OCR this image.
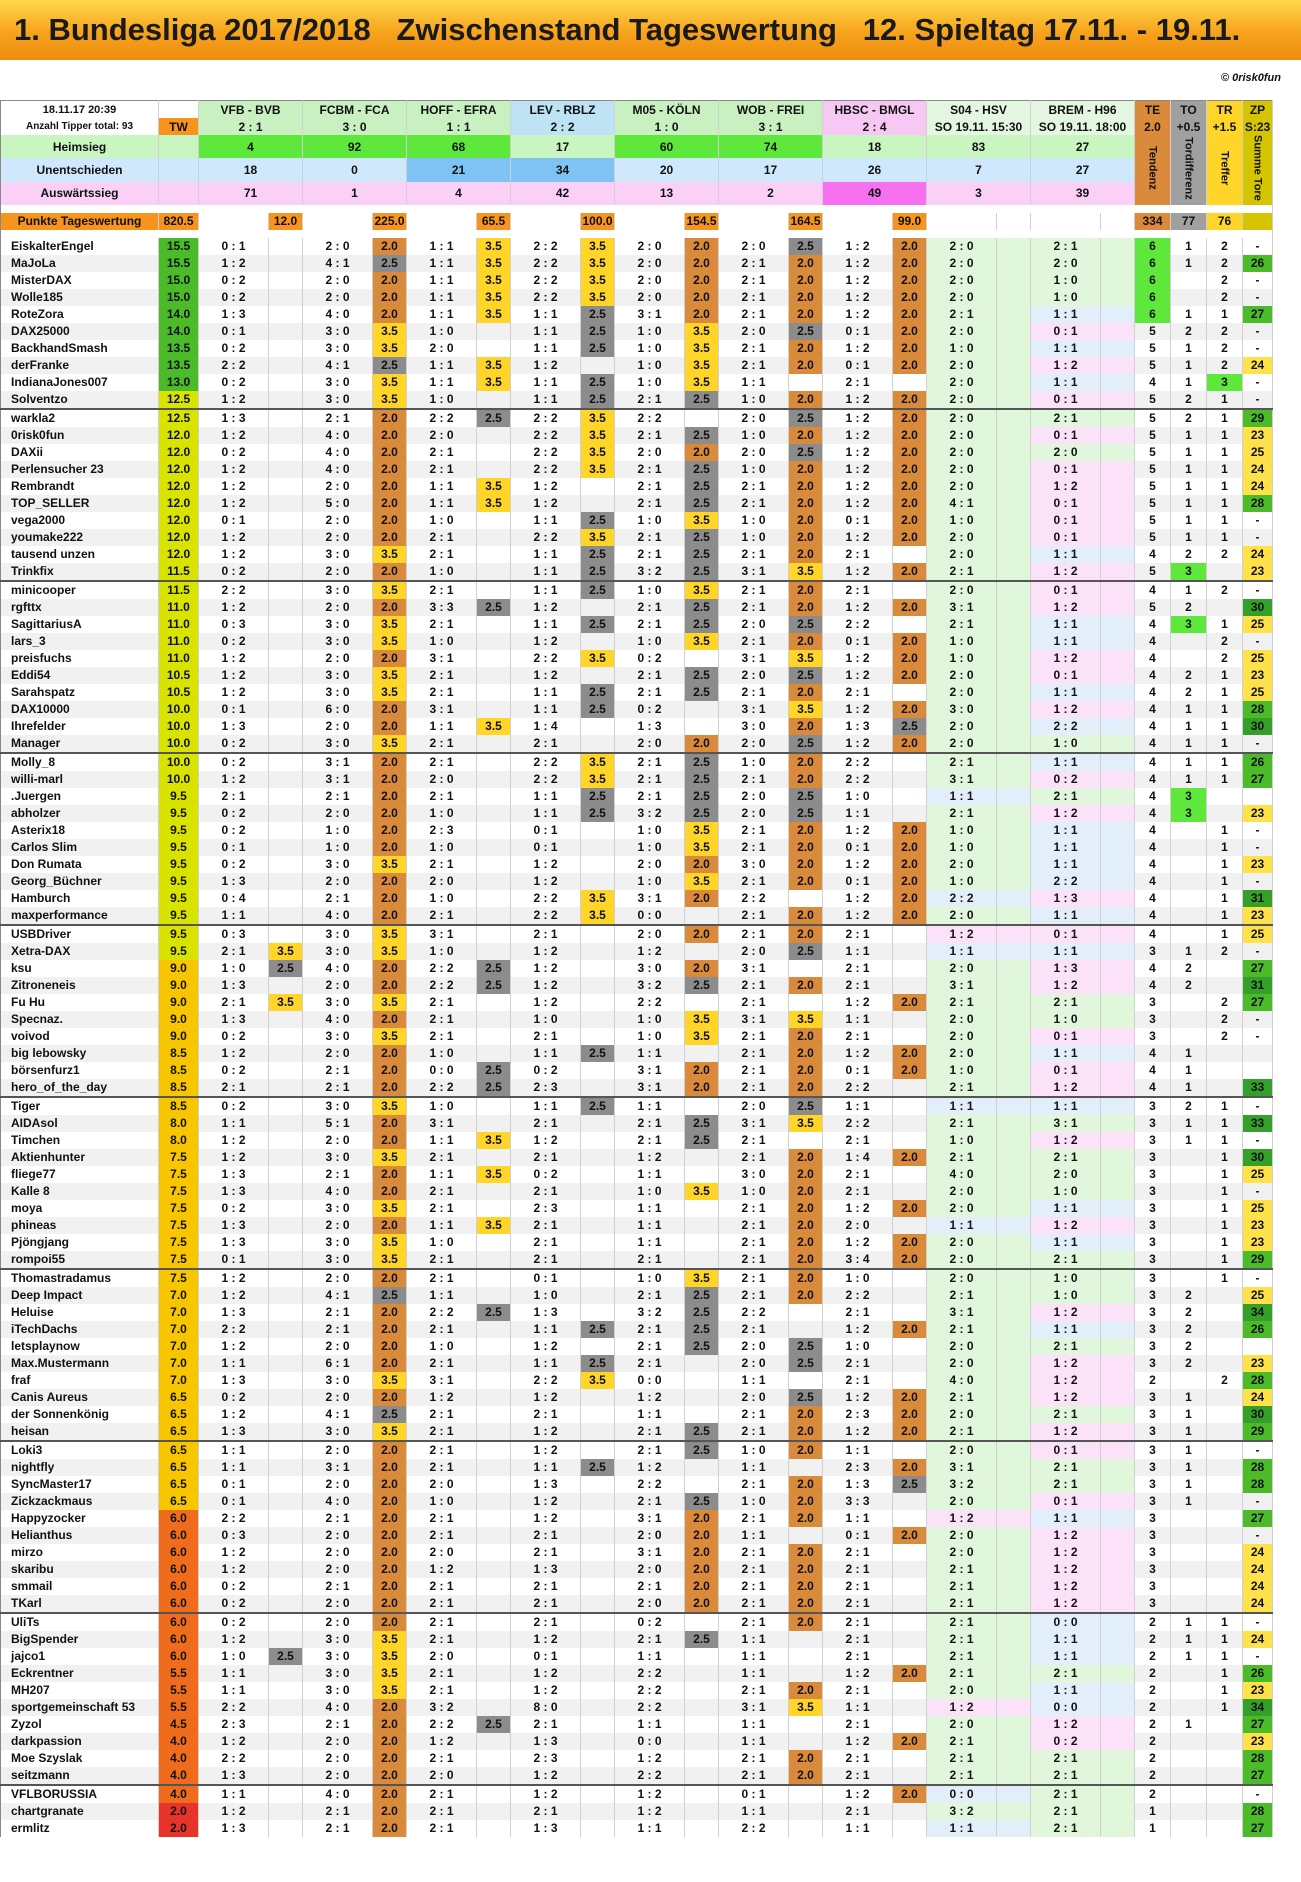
1. Bundesliga 2017/2018
Zwischenstand Tageswertung
12. Spieltag 17.11. - 19.11.
© 0risk0fun
18.11.17 20:39		VFB - BVB		FCBM - FCA		HOFF - EFRA		LEV - RBLZ		M05 - KÖLN		WOB - FREI		HBSC - BMGL		S04 - HSV		BREM - H96		TE	TO	TR	ZP
Anzahl Tipper total: 93	TW	2 : 1		3 : 0		1 : 1		2 : 2		1 : 0		3 : 1		2 : 4		SO 19.11. 15:30		SO 19.11. 18:00		2.0	+0.5	+1.5	S:23
Heimsieg		4		92		68		17		60		74		18		83		27		Tendenz	Tordifferenz	Treffer	Summe Tore
Unentschieden		18		0		21		34		20		17		26		7		27					
Auswärtssieg		71		1		4		42		13		2		49		3		39					

Punkte Tageswertung	820.5		12.0		225.0		65.5		100.0		154.5		164.5		99.0					334	77	76	

EiskalterEngel	15.5	0 : 1		2 : 0	2.0	1 : 1	3.5	2 : 2	3.5	2 : 0	2.0	2 : 0	2.5	1 : 2	2.0	2 : 0		2 : 1		6	1	2	-
MaJoLa	15.5	1 : 2		4 : 1	2.5	1 : 1	3.5	2 : 2	3.5	2 : 0	2.0	2 : 1	2.0	1 : 2	2.0	2 : 0		2 : 0		6	1	2	26
MisterDAX	15.0	0 : 2		2 : 0	2.0	1 : 1	3.5	2 : 2	3.5	2 : 0	2.0	2 : 1	2.0	1 : 2	2.0	2 : 0		1 : 0		6		2	-
Wolle185	15.0	0 : 2		2 : 0	2.0	1 : 1	3.5	2 : 2	3.5	2 : 0	2.0	2 : 1	2.0	1 : 2	2.0	2 : 0		1 : 0		6		2	-
RoteZora	14.0	1 : 3		4 : 0	2.0	1 : 1	3.5	1 : 1	2.5	3 : 1	2.0	2 : 1	2.0	1 : 2	2.0	2 : 1		1 : 1		6	1	1	27
DAX25000	14.0	0 : 1		3 : 0	3.5	1 : 0		1 : 1	2.5	1 : 0	3.5	2 : 0	2.5	0 : 1	2.0	2 : 0		0 : 1		5	2	2	-
BackhandSmash	13.5	0 : 2		3 : 0	3.5	2 : 0		1 : 1	2.5	1 : 0	3.5	2 : 1	2.0	1 : 2	2.0	1 : 0		1 : 1		5	1	2	-
derFranke	13.5	2 : 2		4 : 1	2.5	1 : 1	3.5	1 : 2		1 : 0	3.5	2 : 1	2.0	0 : 1	2.0	2 : 0		1 : 2		5	1	2	24
IndianaJones007	13.0	0 : 2		3 : 0	3.5	1 : 1	3.5	1 : 1	2.5	1 : 0	3.5	1 : 1		2 : 1		2 : 0		1 : 1		4	1	3	-
Solventzo	12.5	1 : 2		3 : 0	3.5	1 : 0		1 : 1	2.5	2 : 1	2.5	1 : 0	2.0	1 : 2	2.0	2 : 0		0 : 1		5	2	1	-
warkla2	12.5	1 : 3		2 : 1	2.0	2 : 2	2.5	2 : 2	3.5	2 : 2		2 : 0	2.5	1 : 2	2.0	2 : 0		2 : 1		5	2	1	29
0risk0fun	12.0	1 : 2		4 : 0	2.0	2 : 0		2 : 2	3.5	2 : 1	2.5	1 : 0	2.0	1 : 2	2.0	2 : 0		0 : 1		5	1	1	23
DAXii	12.0	0 : 2		4 : 0	2.0	2 : 1		2 : 2	3.5	2 : 0	2.0	2 : 0	2.5	1 : 2	2.0	2 : 0		2 : 0		5	1	1	25
Perlensucher 23	12.0	1 : 2		4 : 0	2.0	2 : 1		2 : 2	3.5	2 : 1	2.5	1 : 0	2.0	1 : 2	2.0	2 : 0		0 : 1		5	1	1	24
Rembrandt	12.0	1 : 2		2 : 0	2.0	1 : 1	3.5	1 : 2		2 : 1	2.5	2 : 1	2.0	1 : 2	2.0	2 : 0		1 : 2		5	1	1	24
TOP_SELLER	12.0	1 : 2		5 : 0	2.0	1 : 1	3.5	1 : 2		2 : 1	2.5	2 : 1	2.0	1 : 2	2.0	4 : 1		0 : 1		5	1	1	28
vega2000	12.0	0 : 1		2 : 0	2.0	1 : 0		1 : 1	2.5	1 : 0	3.5	1 : 0	2.0	0 : 1	2.0	1 : 0		0 : 1		5	1	1	-
youmake222	12.0	1 : 2		2 : 0	2.0	2 : 1		2 : 2	3.5	2 : 1	2.5	1 : 0	2.0	1 : 2	2.0	2 : 0		0 : 1		5	1	1	-
tausend unzen	12.0	1 : 2		3 : 0	3.5	2 : 1		1 : 1	2.5	2 : 1	2.5	2 : 1	2.0	2 : 1		2 : 0		1 : 1		4	2	2	24
Trinkfix	11.5	0 : 2		2 : 0	2.0	1 : 0		1 : 1	2.5	3 : 2	2.5	3 : 1	3.5	1 : 2	2.0	2 : 1		1 : 2		5	3		23
minicooper	11.5	2 : 2		3 : 0	3.5	2 : 1		1 : 1	2.5	1 : 0	3.5	2 : 1	2.0	2 : 1		2 : 0		0 : 1		4	1	2	-
rgfttx	11.0	1 : 2		2 : 0	2.0	3 : 3	2.5	1 : 2		2 : 1	2.5	2 : 1	2.0	1 : 2	2.0	3 : 1		1 : 2		5	2		30
SagittariusA	11.0	0 : 3		3 : 0	3.5	2 : 1		1 : 1	2.5	2 : 1	2.5	2 : 0	2.5	2 : 2		2 : 1		1 : 1		4	3	1	25
lars_3	11.0	0 : 2		3 : 0	3.5	1 : 0		1 : 2		1 : 0	3.5	2 : 1	2.0	0 : 1	2.0	1 : 0		1 : 1		4		2	-
preisfuchs	11.0	1 : 2		2 : 0	2.0	3 : 1		2 : 2	3.5	0 : 2		3 : 1	3.5	1 : 2	2.0	1 : 0		1 : 2		4		2	25
Eddi54	10.5	1 : 2		3 : 0	3.5	2 : 1		1 : 2		2 : 1	2.5	2 : 0	2.5	1 : 2	2.0	2 : 0		0 : 1		4	2	1	23
Sarahspatz	10.5	1 : 2		3 : 0	3.5	2 : 1		1 : 1	2.5	2 : 1	2.5	2 : 1	2.0	2 : 1		2 : 0		1 : 1		4	2	1	25
DAX10000	10.0	0 : 1		6 : 0	2.0	3 : 1		1 : 1	2.5	0 : 2		3 : 1	3.5	1 : 2	2.0	3 : 0		1 : 2		4	1	1	28
Ihrefelder	10.0	1 : 3		2 : 0	2.0	1 : 1	3.5	1 : 4		1 : 3		3 : 0	2.0	1 : 3	2.5	2 : 0		2 : 2		4	1	1	30
Manager	10.0	0 : 2		3 : 0	3.5	2 : 1		2 : 1		2 : 0	2.0	2 : 0	2.5	1 : 2	2.0	2 : 0		1 : 0		4	1	1	-
Molly_8	10.0	0 : 2		3 : 1	2.0	2 : 1		2 : 2	3.5	2 : 1	2.5	1 : 0	2.0	2 : 2		2 : 1		1 : 1		4	1	1	26
willi-marl	10.0	1 : 2		3 : 1	2.0	2 : 0		2 : 2	3.5	2 : 1	2.5	2 : 1	2.0	2 : 2		3 : 1		0 : 2		4	1	1	27
.Juergen	9.5	2 : 1		2 : 1	2.0	2 : 1		1 : 1	2.5	2 : 1	2.5	2 : 0	2.5	1 : 0		1 : 1		2 : 1		4	3		
abholzer	9.5	0 : 2		2 : 0	2.0	1 : 0		1 : 1	2.5	3 : 2	2.5	2 : 0	2.5	1 : 1		2 : 1		1 : 2		4	3		23
Asterix18	9.5	0 : 2		1 : 0	2.0	2 : 3		0 : 1		1 : 0	3.5	2 : 1	2.0	1 : 2	2.0	1 : 0		1 : 1		4		1	-
Carlos Slim	9.5	0 : 1		1 : 0	2.0	1 : 0		0 : 1		1 : 0	3.5	2 : 1	2.0	0 : 1	2.0	1 : 0		1 : 1		4		1	-
Don Rumata	9.5	0 : 2		3 : 0	3.5	2 : 1		1 : 2		2 : 0	2.0	3 : 0	2.0	1 : 2	2.0	2 : 0		1 : 1		4		1	23
Georg_Büchner	9.5	1 : 3		2 : 0	2.0	2 : 0		1 : 2		1 : 0	3.5	2 : 1	2.0	0 : 1	2.0	1 : 0		2 : 2		4		1	-
Hamburch	9.5	0 : 4		2 : 1	2.0	1 : 0		2 : 2	3.5	3 : 1	2.0	2 : 2		1 : 2	2.0	2 : 2		1 : 3		4		1	31
maxperformance	9.5	1 : 1		4 : 0	2.0	2 : 1		2 : 2	3.5	0 : 0		2 : 1	2.0	1 : 2	2.0	2 : 0		1 : 1		4		1	23
USBDriver	9.5	0 : 3		3 : 0	3.5	3 : 1		2 : 1		2 : 0	2.0	2 : 1	2.0	2 : 1		1 : 2		0 : 1		4		1	25
Xetra-DAX	9.5	2 : 1	3.5	3 : 0	3.5	1 : 0		1 : 2		1 : 2		2 : 0	2.5	1 : 1		1 : 1		1 : 1		3	1	2	-
ksu	9.0	1 : 0	2.5	4 : 0	2.0	2 : 2	2.5	1 : 2		3 : 0	2.0	3 : 1		2 : 1		2 : 0		1 : 3		4	2		27
Zitroneneis	9.0	1 : 3		2 : 0	2.0	2 : 2	2.5	1 : 2		3 : 2	2.5	2 : 1	2.0	2 : 1		3 : 1		1 : 2		4	2		31
Fu Hu	9.0	2 : 1	3.5	3 : 0	3.5	2 : 1		1 : 2		2 : 2		2 : 1		1 : 2	2.0	2 : 1		2 : 1		3		2	27
Specnaz.	9.0	1 : 3		4 : 0	2.0	2 : 1		1 : 0		1 : 0	3.5	3 : 1	3.5	1 : 1		2 : 0		1 : 0		3		2	-
voivod	9.0	0 : 2		3 : 0	3.5	2 : 1		2 : 1		1 : 0	3.5	2 : 1	2.0	2 : 1		2 : 0		0 : 1		3		2	-
big lebowsky	8.5	1 : 2		2 : 0	2.0	1 : 0		1 : 1	2.5	1 : 1		2 : 1	2.0	1 : 2	2.0	2 : 0		1 : 1		4	1		
börsenfurz1	8.5	0 : 2		2 : 1	2.0	0 : 0	2.5	0 : 2		3 : 1	2.0	2 : 1	2.0	0 : 1	2.0	1 : 0		0 : 1		4	1		
hero_of_the_day	8.5	2 : 1		2 : 1	2.0	2 : 2	2.5	2 : 3		3 : 1	2.0	2 : 1	2.0	2 : 2		2 : 1		1 : 2		4	1		33
Tiger	8.5	0 : 2		3 : 0	3.5	1 : 0		1 : 1	2.5	1 : 1		2 : 0	2.5	1 : 1		1 : 1		1 : 1		3	2	1	-
AIDAsol	8.0	1 : 1		5 : 1	2.0	3 : 1		2 : 1		2 : 1	2.5	3 : 1	3.5	2 : 2		2 : 1		3 : 1		3	1	1	33
Timchen	8.0	1 : 2		2 : 0	2.0	1 : 1	3.5	1 : 2		2 : 1	2.5	2 : 1		2 : 1		1 : 0		1 : 2		3	1	1	-
Aktienhunter	7.5	1 : 2		3 : 0	3.5	2 : 1		2 : 1		1 : 2		2 : 1	2.0	1 : 4	2.0	2 : 1		2 : 1		3		1	30
fliege77	7.5	1 : 3		2 : 1	2.0	1 : 1	3.5	0 : 2		1 : 1		3 : 0	2.0	2 : 1		4 : 0		2 : 0		3		1	25
Kalle 8	7.5	1 : 3		4 : 0	2.0	2 : 1		2 : 1		1 : 0	3.5	1 : 0	2.0	2 : 1		2 : 0		1 : 0		3		1	-
moya	7.5	0 : 2		3 : 0	3.5	2 : 1		2 : 3		1 : 1		2 : 1	2.0	1 : 2	2.0	2 : 0		1 : 1		3		1	25
phineas	7.5	1 : 3		2 : 0	2.0	1 : 1	3.5	2 : 1		1 : 1		2 : 1	2.0	2 : 0		1 : 1		1 : 2		3		1	23
Pjöngjang	7.5	1 : 3		3 : 0	3.5	1 : 0		2 : 1		1 : 1		2 : 1	2.0	1 : 2	2.0	2 : 0		1 : 1		3		1	23
rompoi55	7.5	0 : 1		3 : 0	3.5	2 : 1		2 : 1		2 : 1		2 : 1	2.0	3 : 4	2.0	2 : 0		2 : 1		3		1	29
Thomastradamus	7.5	1 : 2		2 : 0	2.0	2 : 1		0 : 1		1 : 0	3.5	2 : 1	2.0	1 : 0		2 : 0		1 : 0		3		1	-
Deep Impact	7.0	1 : 2		4 : 1	2.5	1 : 1		1 : 0		2 : 1	2.5	2 : 1	2.0	2 : 2		2 : 1		1 : 0		3	2		25
Heluise	7.0	1 : 3		2 : 1	2.0	2 : 2	2.5	1 : 3		3 : 2	2.5	2 : 2		2 : 1		3 : 1		1 : 2		3	2		34
iTechDachs	7.0	2 : 2		2 : 1	2.0	2 : 1		1 : 1	2.5	2 : 1	2.5	2 : 1		1 : 2	2.0	2 : 1		1 : 1		3	2		26
letsplaynow	7.0	1 : 2		2 : 0	2.0	1 : 0		1 : 2		2 : 1	2.5	2 : 0	2.5	1 : 0		2 : 0		2 : 1		3	2		
Max.Mustermann	7.0	1 : 1		6 : 1	2.0	2 : 1		1 : 1	2.5	2 : 1		2 : 0	2.5	2 : 1		2 : 0		1 : 2		3	2		23
fraf	7.0	1 : 3		3 : 0	3.5	3 : 1		2 : 2	3.5	0 : 0		1 : 1		2 : 1		4 : 0		1 : 2		2		2	28
Canis Aureus	6.5	0 : 2		2 : 0	2.0	1 : 2		1 : 2		1 : 2		2 : 0	2.5	1 : 2	2.0	2 : 1		1 : 2		3	1		24
der Sonnenkönig	6.5	1 : 2		4 : 1	2.5	2 : 1		2 : 1		1 : 1		2 : 1	2.0	2 : 3	2.0	2 : 0		2 : 1		3	1		30
heisan	6.5	1 : 3		3 : 0	3.5	2 : 1		1 : 2		2 : 1	2.5	2 : 1	2.0	1 : 2	2.0	2 : 1		1 : 2		3	1		29
Loki3	6.5	1 : 1		2 : 0	2.0	2 : 1		1 : 2		2 : 1	2.5	1 : 0	2.0	1 : 1		2 : 0		0 : 1		3	1		-
nightfly	6.5	1 : 1		3 : 1	2.0	2 : 1		1 : 1	2.5	1 : 2		1 : 1		2 : 3	2.0	3 : 1		2 : 1		3	1		28
SyncMaster17	6.5	0 : 1		2 : 0	2.0	2 : 0		1 : 3		2 : 2		2 : 1	2.0	1 : 3	2.5	3 : 2		2 : 1		3	1		28
Zickzackmaus	6.5	0 : 1		4 : 0	2.0	1 : 0		1 : 2		2 : 1	2.5	1 : 0	2.0	3 : 3		2 : 0		0 : 1		3	1		-
Happyzocker	6.0	2 : 2		2 : 1	2.0	2 : 1		1 : 2		3 : 1	2.0	2 : 1	2.0	1 : 1		1 : 2		1 : 1		3			27
Helianthus	6.0	0 : 3		2 : 0	2.0	2 : 1		2 : 1		2 : 0	2.0	1 : 1		0 : 1	2.0	2 : 0		1 : 2		3			-
mirzo	6.0	1 : 2		2 : 0	2.0	2 : 0		2 : 1		3 : 1	2.0	2 : 1	2.0	2 : 1		2 : 0		1 : 2		3			24
skaribu	6.0	1 : 2		2 : 0	2.0	1 : 2		1 : 3		2 : 0	2.0	2 : 1	2.0	2 : 1		2 : 1		1 : 2		3			24
smmail	6.0	0 : 2		2 : 1	2.0	2 : 1		2 : 1		2 : 1	2.0	2 : 1	2.0	2 : 1		2 : 1		1 : 2		3			24
TKarl	6.0	0 : 2		2 : 0	2.0	2 : 1		2 : 1		2 : 0	2.0	2 : 1	2.0	2 : 1		2 : 1		1 : 2		3			24
UliTs	6.0	0 : 2		2 : 0	2.0	2 : 1		2 : 1		0 : 2		2 : 1	2.0	2 : 1		2 : 1		0 : 0		2	1	1	-
BigSpender	6.0	1 : 2		3 : 0	3.5	2 : 1		1 : 2		2 : 1	2.5	1 : 1		2 : 1		2 : 1		1 : 1		2	1	1	24
jajco1	6.0	1 : 0	2.5	3 : 0	3.5	2 : 0		0 : 1		1 : 1		1 : 1		2 : 1		2 : 1		1 : 1		2	1	1	-
Eckrentner	5.5	1 : 1		3 : 0	3.5	2 : 1		1 : 2		2 : 2		1 : 1		1 : 2	2.0	2 : 1		2 : 1		2		1	26
MH207	5.5	1 : 1		3 : 0	3.5	2 : 1		1 : 2		2 : 2		2 : 1	2.0	2 : 1		2 : 0		1 : 1		2		1	23
sportgemeinschaft 53	5.5	2 : 2		4 : 0	2.0	3 : 2		8 : 0		2 : 2		3 : 1	3.5	1 : 1		1 : 2		0 : 0		2		1	34
Zyzol	4.5	2 : 3		2 : 1	2.0	2 : 2	2.5	2 : 1		1 : 1		1 : 1		2 : 1		2 : 0		1 : 2		2	1		27
darkpassion	4.0	1 : 2		2 : 0	2.0	1 : 2		1 : 3		0 : 0		1 : 1		1 : 2	2.0	2 : 1		0 : 2		2			23
Moe Szyslak	4.0	2 : 2		2 : 0	2.0	2 : 1		2 : 3		1 : 2		2 : 1	2.0	2 : 1		2 : 1		2 : 1		2			28
seitzmann	4.0	1 : 3		2 : 0	2.0	2 : 0		1 : 2		2 : 2		2 : 1	2.0	2 : 1		2 : 1		2 : 1		2			27
VFLBORUSSIA	4.0	1 : 1		4 : 0	2.0	2 : 1		1 : 2		1 : 2		0 : 1		1 : 2	2.0	0 : 0		2 : 1		2			-
chartgranate	2.0	1 : 2		2 : 1	2.0	2 : 1		2 : 1		1 : 2		1 : 1		2 : 1		3 : 2		2 : 1		1			28
ermlitz	2.0	1 : 3		2 : 1	2.0	2 : 1		1 : 3		1 : 1		2 : 2		1 : 1		1 : 1		2 : 1		1			27
